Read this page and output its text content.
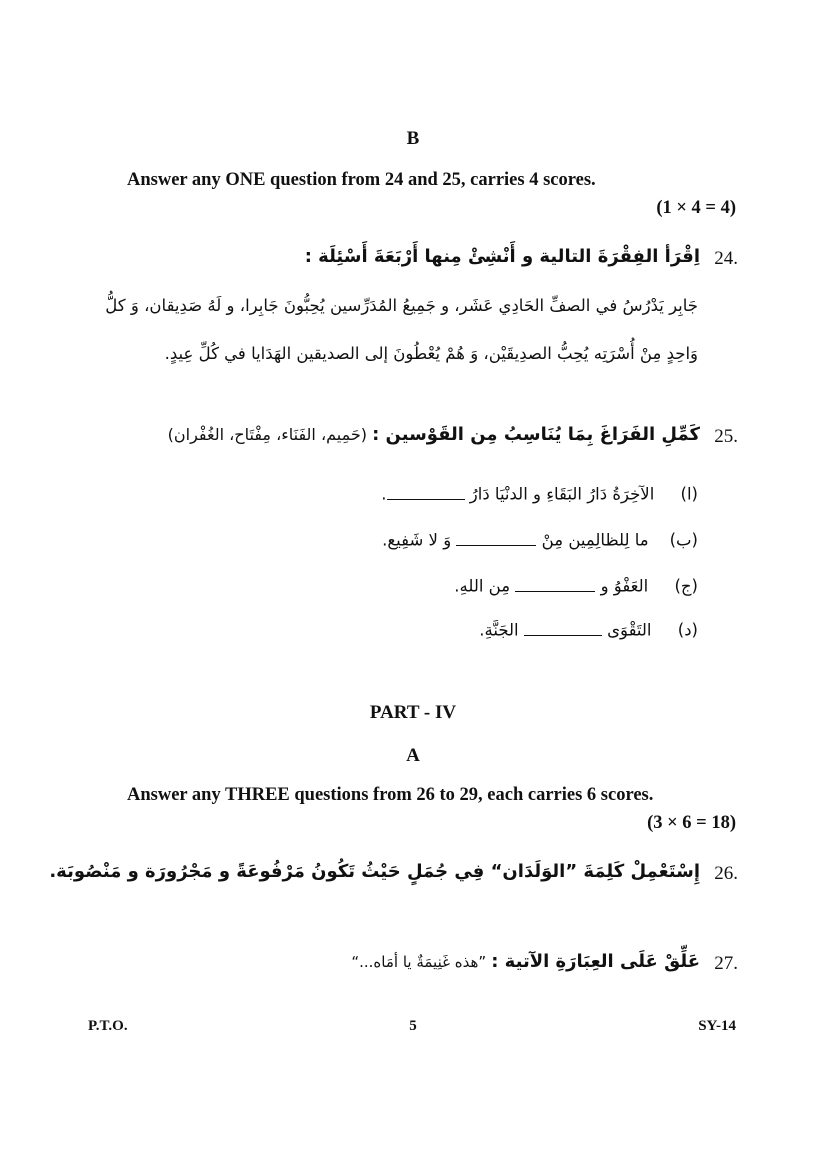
B
Answer any ONE question from 24 and 25, carries 4 scores.
(1 × 4 = 4)
24.
اِقْرَأ الفِقْرَةَ التالية و أَنْشِئْ مِنها أَرْبَعَةَ أَسْئِلَة :
جَابِر يَدْرُسُ في الصفِّ الحَادِي عَشَر، و جَمِيعُ المُدَرِّسين يُحِبُّونَ جَابِرا، و لَهُ صَدِيقان، وَ كلُّ
وَاحِدٍ مِنْ أُسْرَتِه يُحِبُّ الصدِيقَيْن، وَ هُمْ يُعْطُونَ إلى الصديقين الهَدَايا في كُلِّ عِيدٍ.
25.
كَمِّلِ الفَرَاغَ بِمَا يُنَاسِبُ مِن القَوْسين : (حَمِيم، الفَنَاء، مِفْتَاح، الغُفْران)
(ا)     الآخِرَةُ دَارُ البَقَاءِ و الدنْيَا دَارُ .
(ب)    ما لِلظالِمِين مِنْ  وَ لا شَفِيع.
(ج)     العَفْوُ و  مِن اللهِ.
(د)     التَقْوَى  الجَنَّةِ.
PART - IV
A
Answer any THREE questions from 26 to 29, each carries 6 scores.
(3 × 6 = 18)
26.
إِسْتَعْمِلْ كَلِمَةَ ”الوَلَدَان“ فِي جُمَلٍ حَيْثُ تَكُونُ مَرْفُوعَةً و مَجْرُورَة و مَنْصُوبَة.
27.
عَلِّقْ عَلَى العِبَارَةِ الآتية : ”هذه غَنِيمَةٌ يا أمَاه...“
P.T.O.	5	SY-14
